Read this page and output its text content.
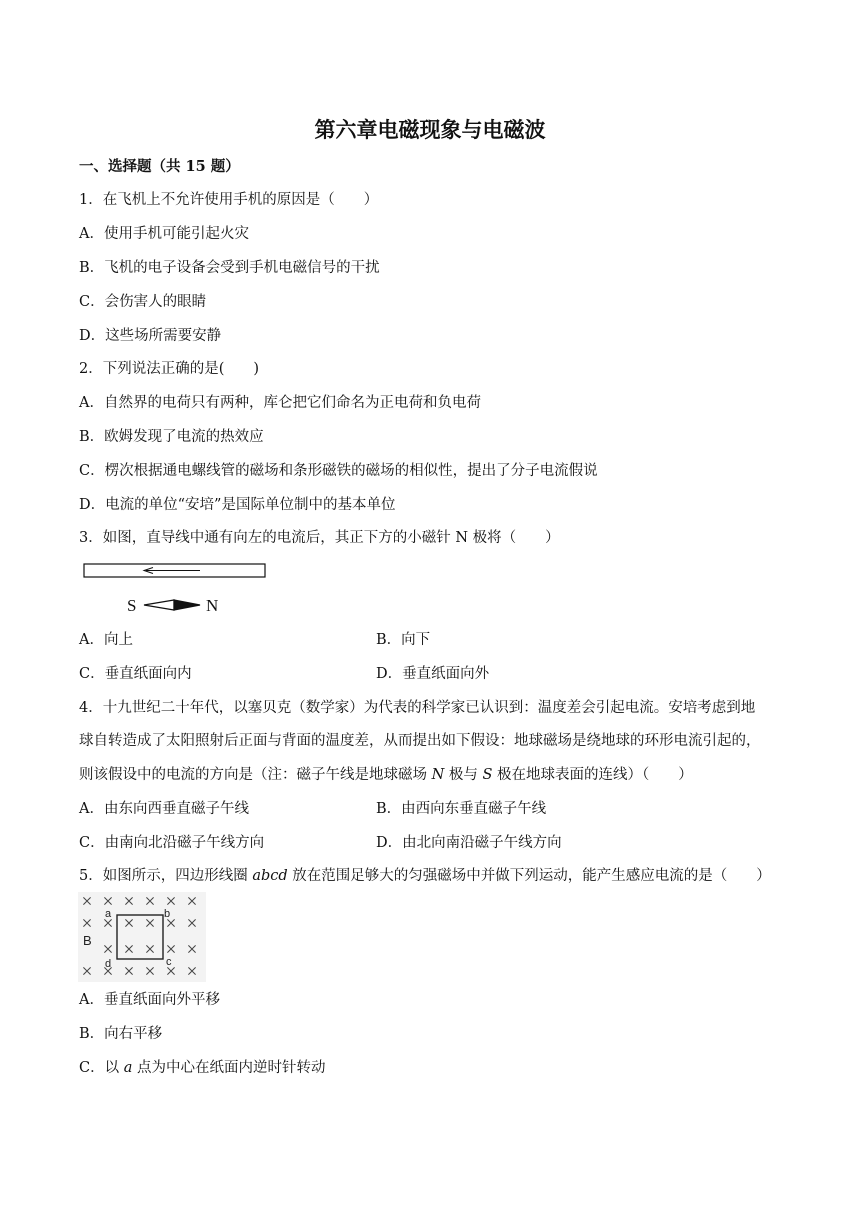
第六章电磁现象与电磁波
一、选择题（共 15 题）
1．在飞机上不允许使用手机的原因是（　　）
A．使用手机可能引起火灾
B．飞机的电子设备会受到手机电磁信号的干扰
C．会伤害人的眼睛
D．这些场所需要安静
2．下列说法正确的是(　　)
A．自然界的电荷只有两种，库仑把它们命名为正电荷和负电荷
B．欧姆发现了电流的热效应
C．楞次根据通电螺线管的磁场和条形磁铁的磁场的相似性，提出了分子电流假说
D．电流的单位“安培”是国际单位制中的基本单位
3．如图，直导线中通有向左的电流后，其正下方的小磁针 N 极将（　　）
S	N
A．向上	B．向下
C．垂直纸面向内	D．垂直纸面向外
4．十九世纪二十年代，以塞贝克（数学家）为代表的科学家已认识到：温度差会引起电流。安培考虑到地
球自转造成了太阳照射后正面与背面的温度差，从而提出如下假设：地球磁场是绕地球的环形电流引起的，
则该假设中的电流的方向是（注：磁子午线是地球磁场 N 极与 S 极在地球表面的连线）（　　）
A．由东向西垂直磁子午线	B．由西向东垂直磁子午线
C．由南向北沿磁子午线方向	D．由北向南沿磁子午线方向
5．如图所示，四边形线圈 abcd 放在范围足够大的匀强磁场中并做下列运动，能产生感应电流的是（　　）
a	b
c
d
B
A．垂直纸面向外平移
B．向右平移
C．以 a 点为中心在纸面内逆时针转动
